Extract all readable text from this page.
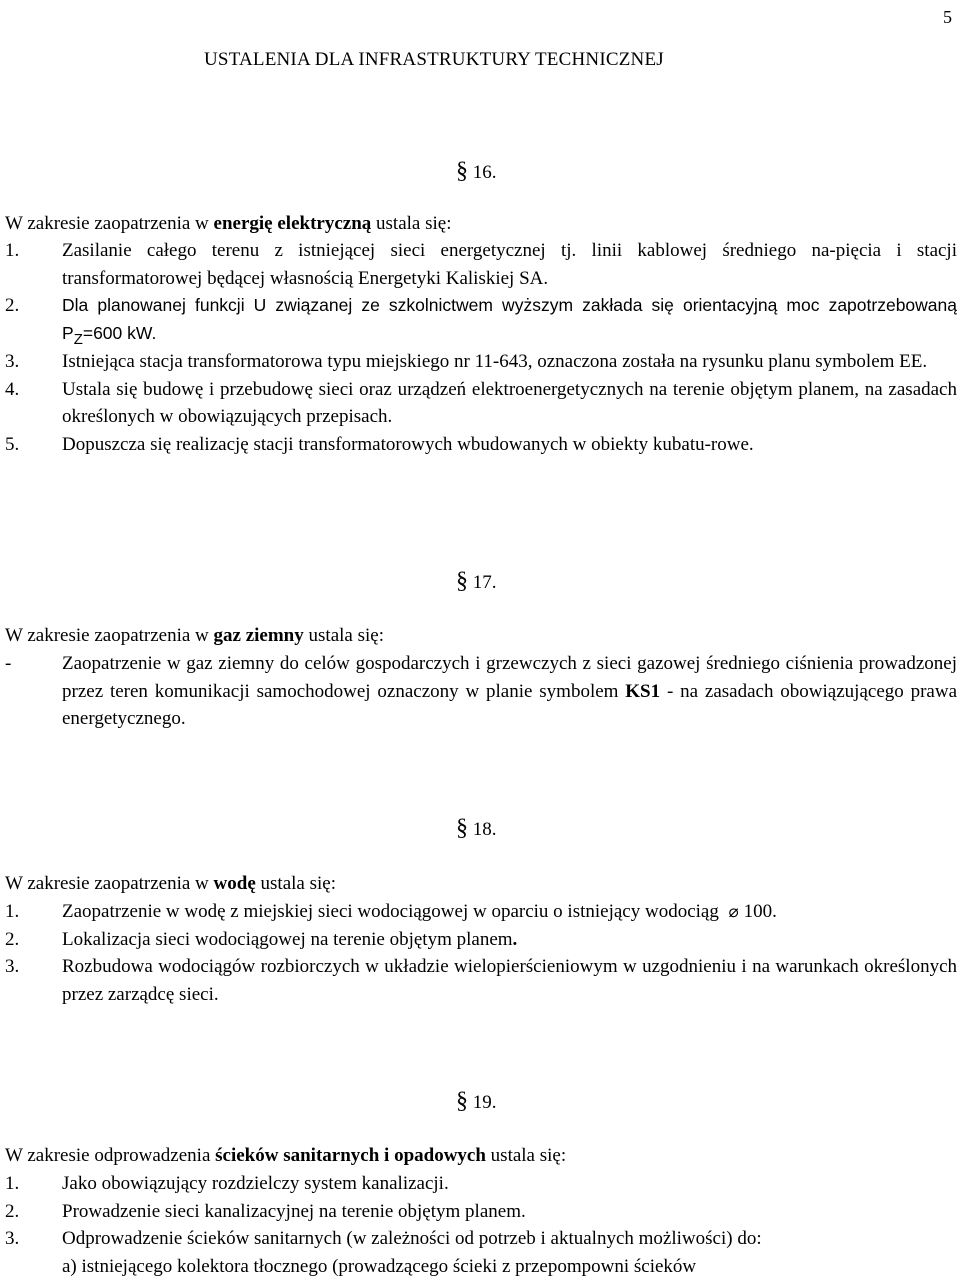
5
USTALENIA DLA INFRASTRUKTURY TECHNICZNEJ
§ 16.
W zakresie zaopatrzenia w energię elektryczną ustala się:
1.	Zasilanie całego terenu z istniejącej sieci energetycznej tj. linii kablowej średniego na-pięcia i stacji transformatorowej będącej własnością Energetyki Kaliskiej SA.
2.	Dla planowanej funkcji U związanej ze szkolnictwem wyższym zakłada się orientacyjną moc zapotrzebowaną PZ=600 kW.
3.	Istniejąca stacja transformatorowa typu miejskiego nr 11-643, oznaczona została na rysunku planu symbolem EE.
4.	Ustala się budowę i przebudowę sieci oraz urządzeń elektroenergetycznych na terenie objętym planem, na zasadach określonych w obowiązujących przepisach.
5.	Dopuszcza się realizację stacji transformatorowych wbudowanych w obiekty kubatu-rowe.
§ 17.
W zakresie zaopatrzenia w gaz ziemny ustala się:
-	Zaopatrzenie w gaz ziemny do celów gospodarczych i grzewczych z sieci gazowej średniego ciśnienia prowadzonej przez teren komunikacji samochodowej oznaczony w planie symbolem KS1 - na zasadach obowiązującego prawa energetycznego.
§ 18.
W zakresie zaopatrzenia w wodę ustala się:
1.	Zaopatrzenie w wodę z miejskiej sieci wodociągowej w oparciu o istniejący wodociąg ⌀ 100.
2.	Lokalizacja sieci wodociągowej na terenie objętym planem.
3.	Rozbudowa wodociągów rozbiorczych w układzie wielopierścieniowym w uzgodnieniu i na warunkach określonych przez zarządcę sieci.
§ 19.
W zakresie odprowadzenia ścieków sanitarnych i opadowych ustala się:
1.	Jako obowiązujący rozdzielczy system kanalizacji.
2.	Prowadzenie sieci kanalizacyjnej na terenie objętym planem.
3.	Odprowadzenie ścieków sanitarnych (w zależności od potrzeb i aktualnych możliwości) do:
a) istniejącego kolektora tłocznego (prowadzącego ścieki z przepompowni ścieków
